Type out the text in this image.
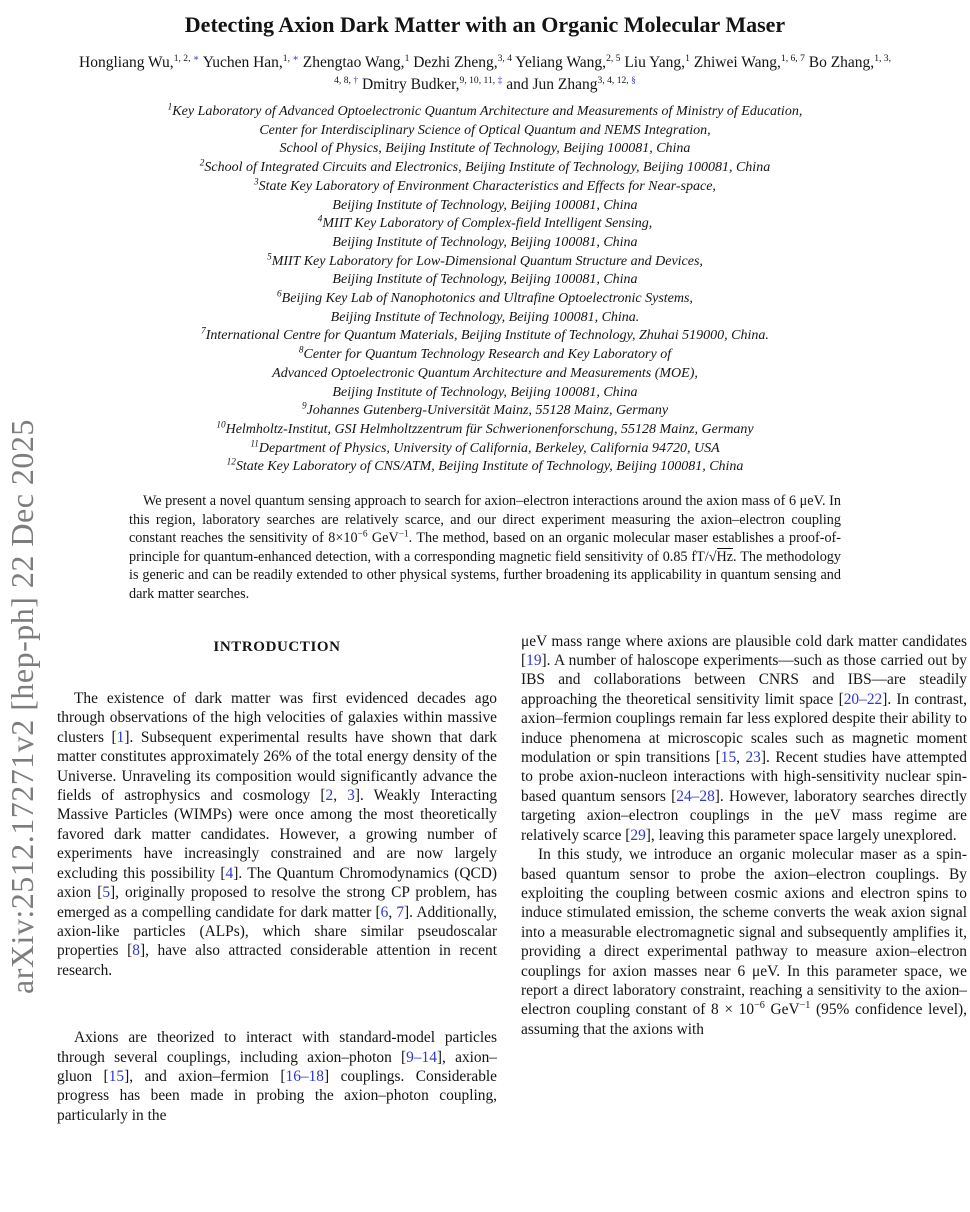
arXiv:2512.17271v2 [hep-ph] 22 Dec 2025
Detecting Axion Dark Matter with an Organic Molecular Maser
Hongliang Wu,$^{1, 2, ∗}$ Yuchen Han,$^{1, ∗}$ Zhengtao Wang,$^1$ Dezhi Zheng,$^{3, 4}$ Yeliang Wang,$^{2, 5}$ Liu Yang,$^1$ Zhiwei Wang,$^{1, 6, 7}$ Bo Zhang,$^{1, 3, 4, 8, \dagger}$ Dmitry Budker,$^{9, 10, 11, \ddagger}$ and Jun Zhang$^{3, 4, 12, \S}$
$^1$Key Laboratory of Advanced Optoelectronic Quantum Architecture and Measurements of Ministry of Education,
Center for Interdisciplinary Science of Optical Quantum and NEMS Integration,
School of Physics, Beijing Institute of Technology, Beijing 100081, China
$^2$School of Integrated Circuits and Electronics, Beijing Institute of Technology, Beijing 100081, China
$^3$State Key Laboratory of Environment Characteristics and Effects for Near-space,
Beijing Institute of Technology, Beijing 100081, China
$^4$MIIT Key Laboratory of Complex-field Intelligent Sensing,
Beijing Institute of Technology, Beijing 100081, China
$^5$MIIT Key Laboratory for Low-Dimensional Quantum Structure and Devices,
Beijing Institute of Technology, Beijing 100081, China
$^6$Beijing Key Lab of Nanophotonics and Ultrafine Optoelectronic Systems,
Beijing Institute of Technology, Beijing 100081, China.
$^7$International Centre for Quantum Materials, Beijing Institute of Technology, Zhuhai 519000, China.
$^8$Center for Quantum Technology Research and Key Laboratory of
Advanced Optoelectronic Quantum Architecture and Measurements (MOE),
Beijing Institute of Technology, Beijing 100081, China
$^9$Johannes Gutenberg-Universität Mainz, 55128 Mainz, Germany
$^{10}$Helmholtz-Institut, GSI Helmholtzzentrum für Schwerionenforschung, 55128 Mainz, Germany
$^{11}$Department of Physics, University of California, Berkeley, California 94720, USA
$^{12}$State Key Laboratory of CNS/ATM, Beijing Institute of Technology, Beijing 100081, China
We present a novel quantum sensing approach to search for axion–electron interactions around the axion mass of 6 μeV. In this region, laboratory searches are relatively scarce, and our direct experiment measuring the axion–electron coupling constant reaches the sensitivity of $8\times 10^{-6}$ GeV$^{-1}$. The method, based on an organic molecular maser establishes a proof-of-principle for quantum-enhanced detection, with a corresponding magnetic field sensitivity of 0.85 fT/√Hz. The methodology is generic and can be readily extended to other physical systems, further broadening its applicability in quantum sensing and dark matter searches.
INTRODUCTION

The existence of dark matter was first evidenced decades ago through observations of the high velocities of galaxies within massive clusters [1]. Subsequent experimental results have shown that dark matter constitutes approximately 26% of the total energy density of the Universe. Unraveling its composition would significantly advance the fields of astrophysics and cosmology [2, 3]. Weakly Interacting Massive Particles (WIMPs) were once among the most theoretically favored dark matter candidates. However, a growing number of experiments have increasingly constrained and are now largely excluding this possibility [4]. The Quantum Chromodynamics (QCD) axion [5], originally proposed to resolve the strong CP problem, has emerged as a compelling candidate for dark matter [6, 7]. Additionally, axion-like particles (ALPs), which share similar pseudoscalar properties [8], have also attracted considerable attention in recent research.

Axions are theorized to interact with standard-model particles through several couplings, including axion–photon [9–14], axion–gluon [15], and axion–fermion [16–18] couplings. Considerable progress has been made in probing the axion–photon coupling, particularly in the

μeV mass range where axions are plausible cold dark matter candidates [19]. A number of haloscope experiments—such as those carried out by IBS and collaborations between CNRS and IBS—are steadily approaching the theoretical sensitivity limit space [20–22]. In contrast, axion–fermion couplings remain far less explored despite their ability to induce phenomena at microscopic scales such as magnetic moment modulation or spin transitions [15, 23]. Recent studies have attempted to probe axion-nucleon interactions with high-sensitivity nuclear spin-based quantum sensors [24–28]. However, laboratory searches directly targeting axion–electron couplings in the μeV mass regime are relatively scarce [29], leaving this parameter space largely unexplored.

In this study, we introduce an organic molecular maser as a spin-based quantum sensor to probe the axion–electron couplings. By exploiting the coupling between cosmic axions and electron spins to induce stimulated emission, the scheme converts the weak axion signal into a measurable electromagnetic signal and subsequently amplifies it, providing a direct experimental pathway to measure axion–electron couplings for axion masses near 6 μeV. In this parameter space, we report a direct laboratory constraint, reaching a sensitivity to the axion–electron coupling constant of $8 \times 10^{-6}$ GeV$^{-1}$ (95% confidence level), assuming that the axions with
